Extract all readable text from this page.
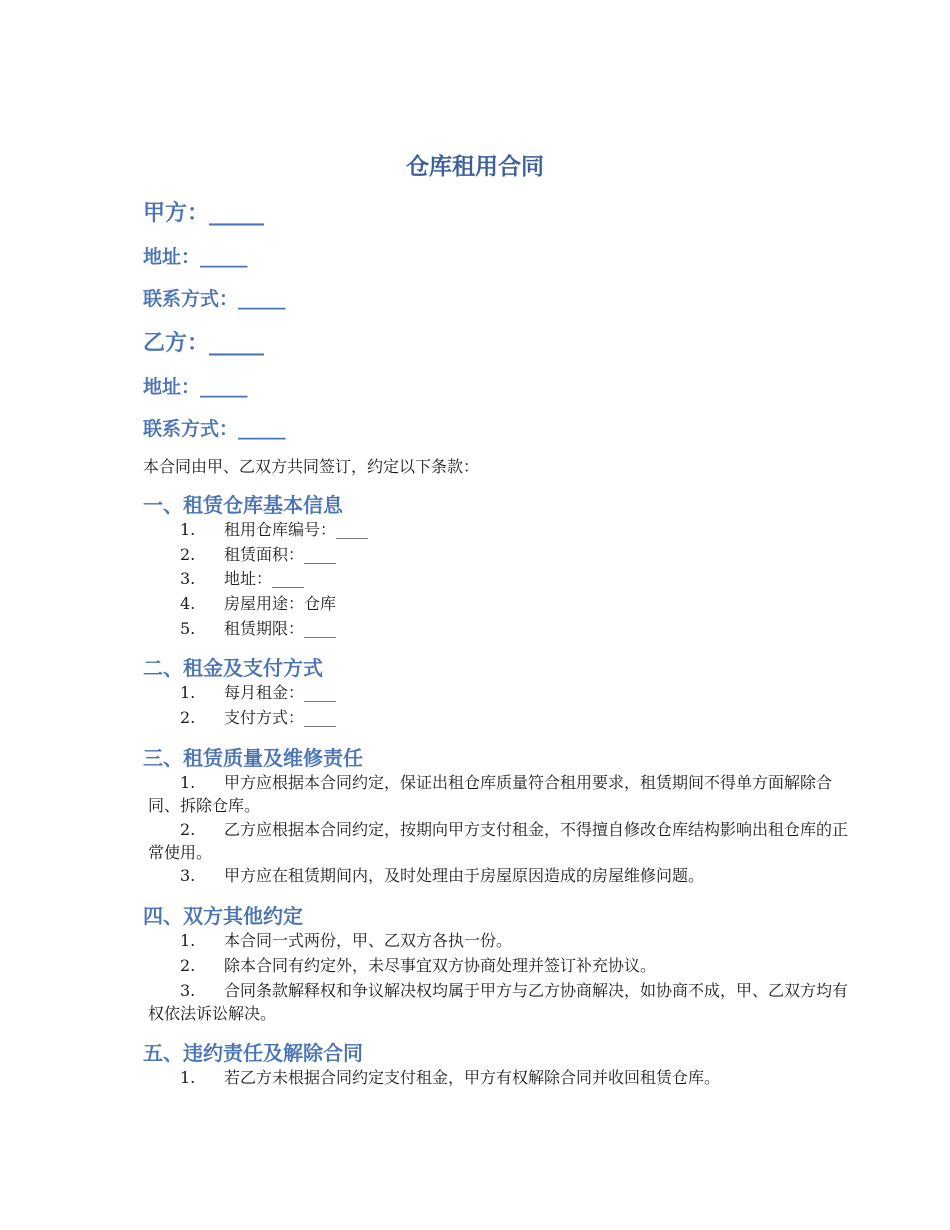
仓库租用合同

甲方：_____

地址：_____

联系方式：_____

乙方：_____

地址：_____

联系方式：_____

本合同由甲、乙双方共同签订，约定以下条款：

一、租赁仓库基本信息

1. 租用仓库编号：____

2. 租赁面积：____

3. 地址：____

4. 房屋用途：仓库

5. 租赁期限：____

二、租金及支付方式

1. 每月租金：____

2. 支付方式：____

三、租赁质量及维修责任

1. 甲方应根据本合同约定，保证出租仓库质量符合租用要求，租赁期间不得单方面解除合同、拆除仓库。

2. 乙方应根据本合同约定，按期向甲方支付租金，不得擅自修改仓库结构影响出租仓库的正常使用。

3. 甲方应在租赁期间内，及时处理由于房屋原因造成的房屋维修问题。

四、双方其他约定

1. 本合同一式两份，甲、乙双方各执一份。

2. 除本合同有约定外，未尽事宜双方协商处理并签订补充协议。

3. 合同条款解释权和争议解决权均属于甲方与乙方协商解决，如协商不成，甲、乙双方均有权依法诉讼解决。

五、违约责任及解除合同

1. 若乙方未根据合同约定支付租金，甲方有权解除合同并收回租赁仓库。
